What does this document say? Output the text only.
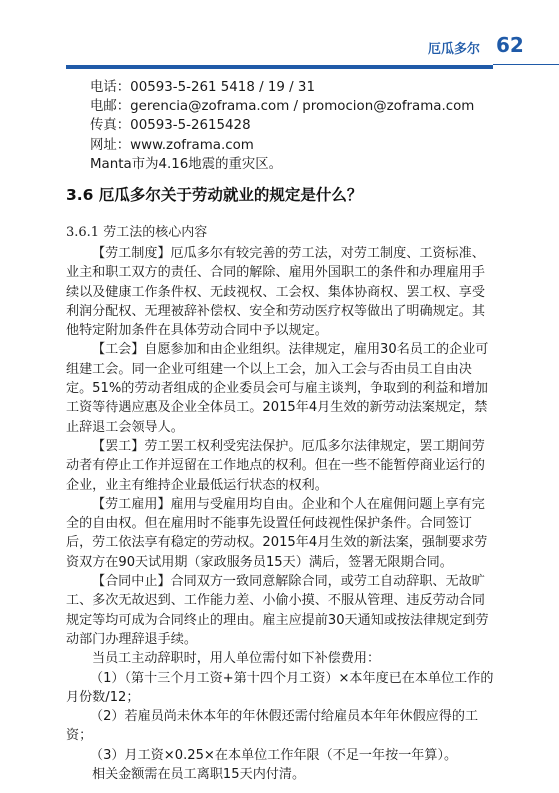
厄瓜多尔 62
电话：00593-5-261 5418 / 19 / 31
电邮：gerencia@zoframa.com / promocion@zoframa.com
传真：00593-5-2615428
网址：www.zoframa.com
Manta市为4.16地震的重灾区。
3.6 厄瓜多尔关于劳动就业的规定是什么？
3.6.1 劳工法的核心内容

【劳工制度】厄瓜多尔有较完善的劳工法，对劳工制度、工资标准、业主和职工双方的责任、合同的解除、雇用外国职工的条件和办理雇用手续以及健康工作条件权、无歧视权、工会权、集体协商权、罢工权、享受利润分配权、无理被辞补偿权、安全和劳动医疗权等做出了明确规定。其他特定附加条件在具体劳动合同中予以规定。

【工会】自愿参加和由企业组织。法律规定，雇用30名员工的企业可组建工会。同一企业可组建一个以上工会，加入工会与否由员工自由决定。51%的劳动者组成的企业委员会可与雇主谈判，争取到的利益和增加工资等待遇应惠及企业全体员工。2015年4月生效的新劳动法案规定，禁止辞退工会领导人。

【罢工】劳工罢工权利受宪法保护。厄瓜多尔法律规定，罢工期间劳动者有停止工作并逗留在工作地点的权利。但在一些不能暂停商业运行的企业，业主有维持企业最低运行状态的权利。

【劳工雇用】雇用与受雇用均自由。企业和个人在雇佣问题上享有完全的自由权。但在雇用时不能事先设置任何歧视性保护条件。合同签订后，劳工依法享有稳定的劳动权。2015年4月生效的新法案，强制要求劳资双方在90天试用期（家政服务员15天）满后，签署无限期合同。

【合同中止】合同双方一致同意解除合同，或劳工自动辞职、无故旷工、多次无故迟到、工作能力差、小偷小摸、不服从管理、违反劳动合同规定等均可成为合同终止的理由。雇主应提前30天通知或按法律规定到劳动部门办理辞退手续。

当员工主动辞职时，用人单位需付如下补偿费用：

（1）（第十三个月工资+第十四个月工资）×本年度已在本单位工作的月份数/12；

（2）若雇员尚未休本年的年休假还需付给雇员本年年休假应得的工资；

（3）月工资×0.25×在本单位工作年限（不足一年按一年算）。

相关金额需在员工离职15天内付清。
